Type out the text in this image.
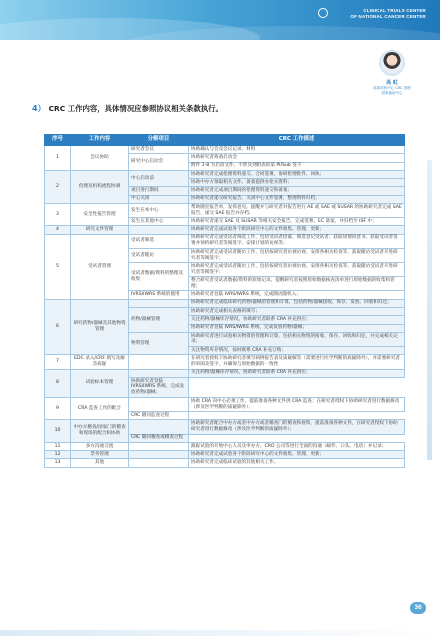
CLINICAL TRIALS CENTER
OF NATIONAL CANCER CENTER
高 虹
临床试验中心 CRC 管理
国家癌症中心
4） CRC 工作内容，具体情况应参照协议相关条款执行。
序号	工作内容	分解项目	CRC 工作描述
1	会议协助	研究者会议	协助确认与会及会议记录、材料
		研究中心启动会	协助研究者筹备启动会
			附件 1-8 为启动文件，不涉及到附表的第 PI/Sub 签字
2	伦理及机构流程协调	中心启动前	协助研究者完成伦理资料递交、合同签署，参研伦理批件、回执；
			协助中办方领取相关文件、备案提供办伦关资料；
		项目进行期间	协助研究者完成项目期间的伦理资料递交和备案；
		中心关闭	协助研究者递交研究报告、关闭中心文件签署，整理资料归档；
3	安全性报告管理	发生在本中心	帮助随室报告单，发挥意见。提醒并与研究者对报告进行 AE 或 SAE 或 SUSAR 的协助研究者完成 SAE 报告，递交 SAE 报告并存档；
		发生在其他中心	协助研究者递交 SAE 及 SUSAR 等相关安全报告，完成签署、EC 备案，并归档至 ISF 中；
4	研究文件管理		协助研究者完成试验各个阶段研究中心的文件收集、管理、更新；
5	受试者管理	受试者筛选	协助研究者完成受试者筛选工作，包括受试者招募、筛选登记受试者、获取知情同意书、获取受试者签署并预约研究者等阅签字、安排计划的访视等；
		受试者随访	协助研究者完成受试者随访工作，包括按研究者访视访视、安排各相关检查等、获取随访受试者开进研究者等阅签字；
		受试者数据/资料的整理及收集	协助研究者完成受试者随访工作，包括按研究者访视访视、安排各相关检查等、获取随访受试者开进研究者等阅签字；
			整合研究者受试者数据/资料的原始记录，提醒研究者按照原始数据核查清单进行原始数据的收集和管理；
		IVRS/IWRS 系统的使用	协助研究者登陆 IVRS/IWRS 系统，完成随访随机入；
6	研究药物/器械及其他物资管理		协助研究者完成临床研究药物/器械的管理和计算，包括药物/器械接收、保存、发放、回收和归还；
		药物/器械管理	协助研究者完成相关表格的填写；
			关注药物/器械库存情况，协助研究者联系 CRA 补充供应；
			协助研究者登陆 IVRS/IWRS 系统，完成发放药物/器械；
		物资管理	协助研究者进行试验相关物资的管理和计算，包括相关物资的接收、保存、回收和归还，并完成相关记录；
			关注物资库存情况，按时联系 CRA 补充订购；
7	EDC 录入/CRF 填写及解答质疑		在研究者授权下协助研究者填写病例报告表及质疑解答（需要进行医学判断的质疑除外），并需要研究者的审阅及签字，并确保与原始数据的一致性
8	试验标本管理		关注药物/器械库存情况，协助研究者联系 CRA 补充供应；
		协助研究者登陆 IVRS/IWRS 系统，完成发放药物/器械；	
9	CRA 监查工作的配合		协助 CRA 向中心必须工作，提前准备各种文件供 CRA 监查；在研究者授权下协助研究者进行数据修改（涉及医学判断的质疑除外）；
		CRC 随同监查过程	
10	中办方稽查/国家门的稽查和现场的配合和协助		协助研究者配合中办方或者中办方或者稽查门的稽查和视察，提前准备各种文件，在研究者授权下协助研究者进行数据修改（涉及医学判断的质疑除外）；
		CRC 随同稽查或稽查过程	
11	多方沟通交流		跟踪试验的开始中心人员及申办方、CRO 公司等进行全面的沟通（邮件、口头、电话）并记录；
12	票务管理		协助研究者完成试验各个阶段研究中心的文件收集、管理、更新；
13	其他		协助研究者完成临床试验的其他相关工作。
36
